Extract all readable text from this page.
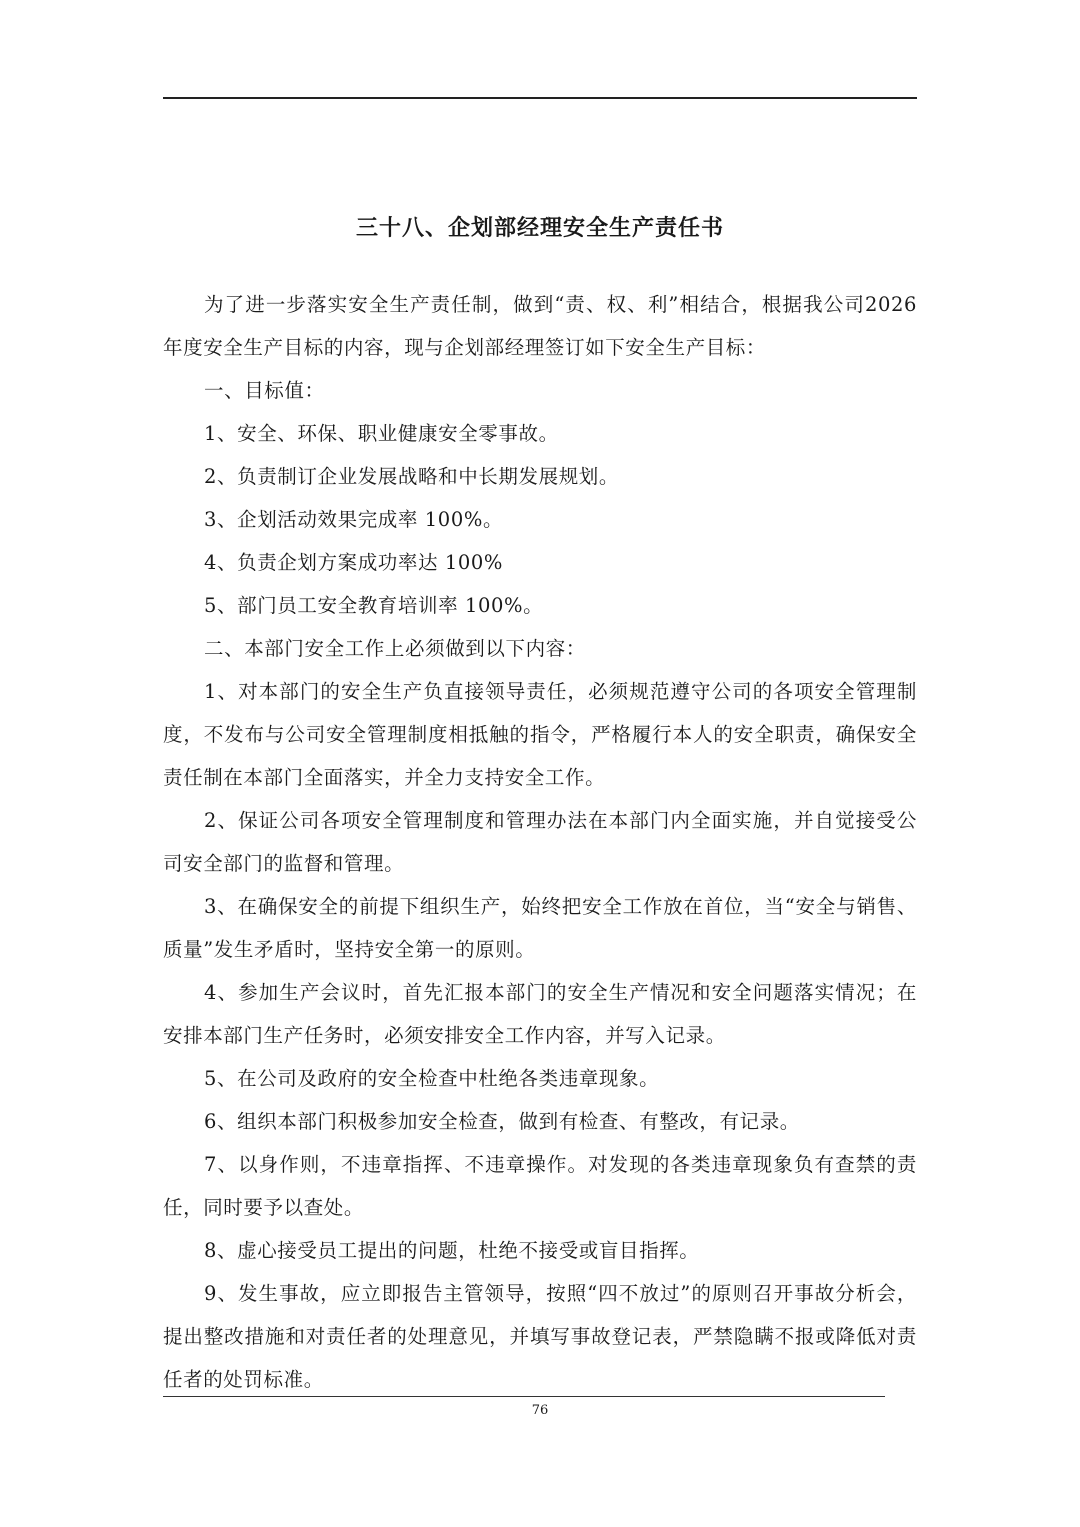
三十八、企划部经理安全生产责任书

为了进一步落实安全生产责任制，做到“责、权、利”相结合，根据我公司2026年度安全生产目标的内容，现与企划部经理签订如下安全生产目标：

一、目标值：

1、安全、环保、职业健康安全零事故。

2、负责制订企业发展战略和中长期发展规划。

3、企划活动效果完成率 100%。

4、负责企划方案成功率达 100%

5、部门员工安全教育培训率 100%。

二、本部门安全工作上必须做到以下内容：

1、对本部门的安全生产负直接领导责任，必须规范遵守公司的各项安全管理制度，不发布与公司安全管理制度相抵触的指令，严格履行本人的安全职责，确保安全责任制在本部门全面落实，并全力支持安全工作。

2、保证公司各项安全管理制度和管理办法在本部门内全面实施，并自觉接受公司安全部门的监督和管理。

3、在确保安全的前提下组织生产，始终把安全工作放在首位，当“安全与销售、质量”发生矛盾时，坚持安全第一的原则。

4、参加生产会议时，首先汇报本部门的安全生产情况和安全问题落实情况；在安排本部门生产任务时，必须安排安全工作内容，并写入记录。

5、在公司及政府的安全检查中杜绝各类违章现象。

6、组织本部门积极参加安全检查，做到有检查、有整改，有记录。

7、以身作则，不违章指挥、不违章操作。对发现的各类违章现象负有查禁的责任，同时要予以查处。

8、虚心接受员工提出的问题，杜绝不接受或盲目指挥。

9、发生事故，应立即报告主管领导，按照“四不放过”的原则召开事故分析会，提出整改措施和对责任者的处理意见，并填写事故登记表，严禁隐瞒不报或降低对责任者的处罚标准。

76
